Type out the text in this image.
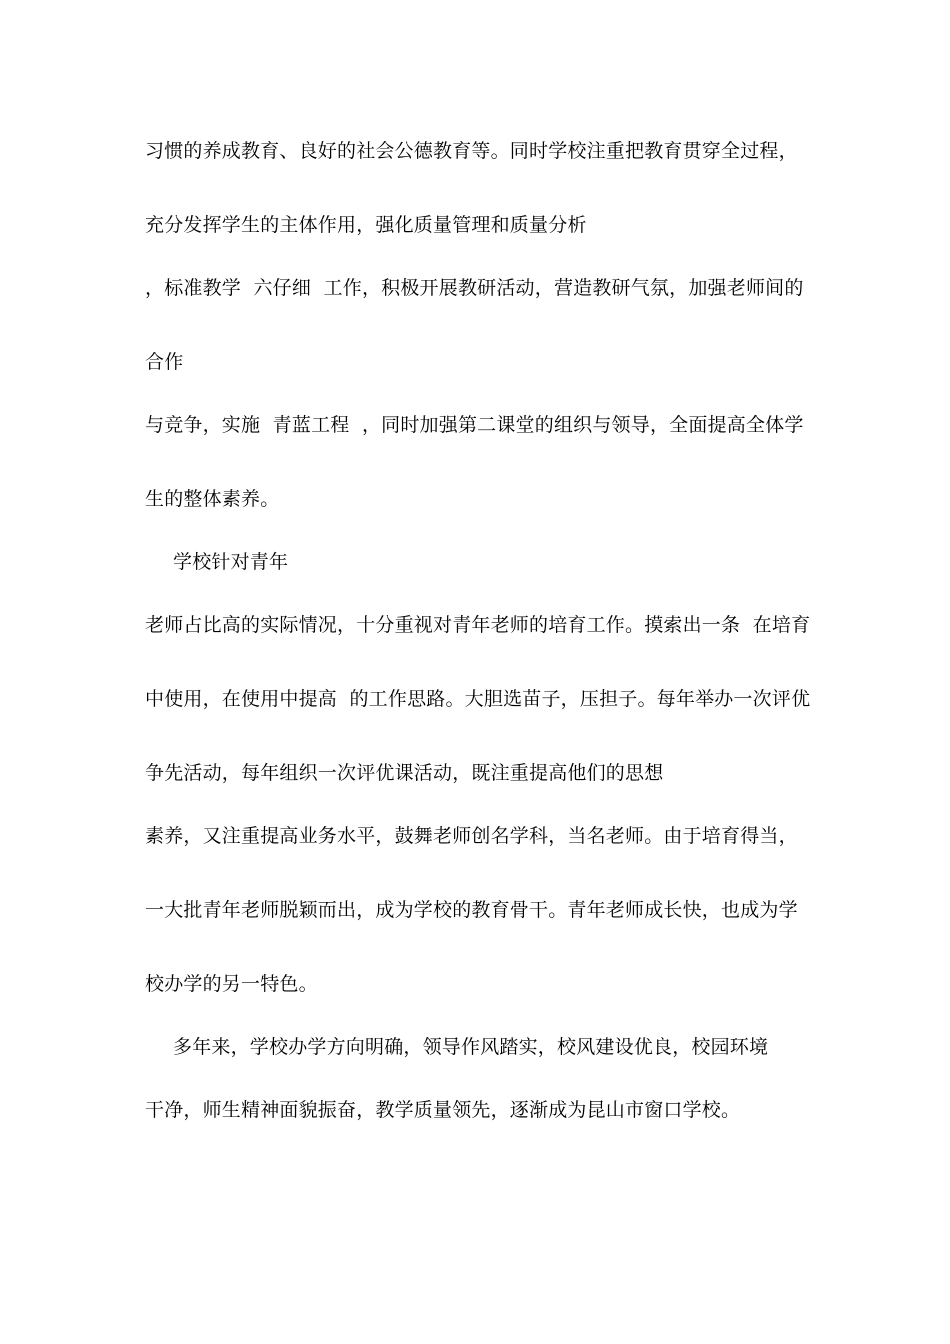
习惯的养成教育、良好的社会公德教育等。同时学校注重把教育贯穿全过程，
充分发挥学生的主体作用，强化质量管理和质量分析
，标准教学  六仔细  工作，积极开展教研活动，营造教研气氛，加强老师间的
合作
与竞争，实施  青蓝工程  ，同时加强第二课堂的组织与领导，全面提高全体学
生的整体素养。
学校针对青年
老师占比高的实际情况，十分重视对青年老师的培育工作。摸索出一条  在培育
中使用，在使用中提高  的工作思路。大胆选苗子，压担子。每年举办一次评优
争先活动，每年组织一次评优课活动，既注重提高他们的思想
素养，又注重提高业务水平，鼓舞老师创名学科，当名老师。由于培育得当，
一大批青年老师脱颖而出，成为学校的教育骨干。青年老师成长快，也成为学
校办学的另一特色。
多年来，学校办学方向明确，领导作风踏实，校风建设优良，校园环境
干净，师生精神面貌振奋，教学质量领先，逐渐成为昆山市窗口学校。
